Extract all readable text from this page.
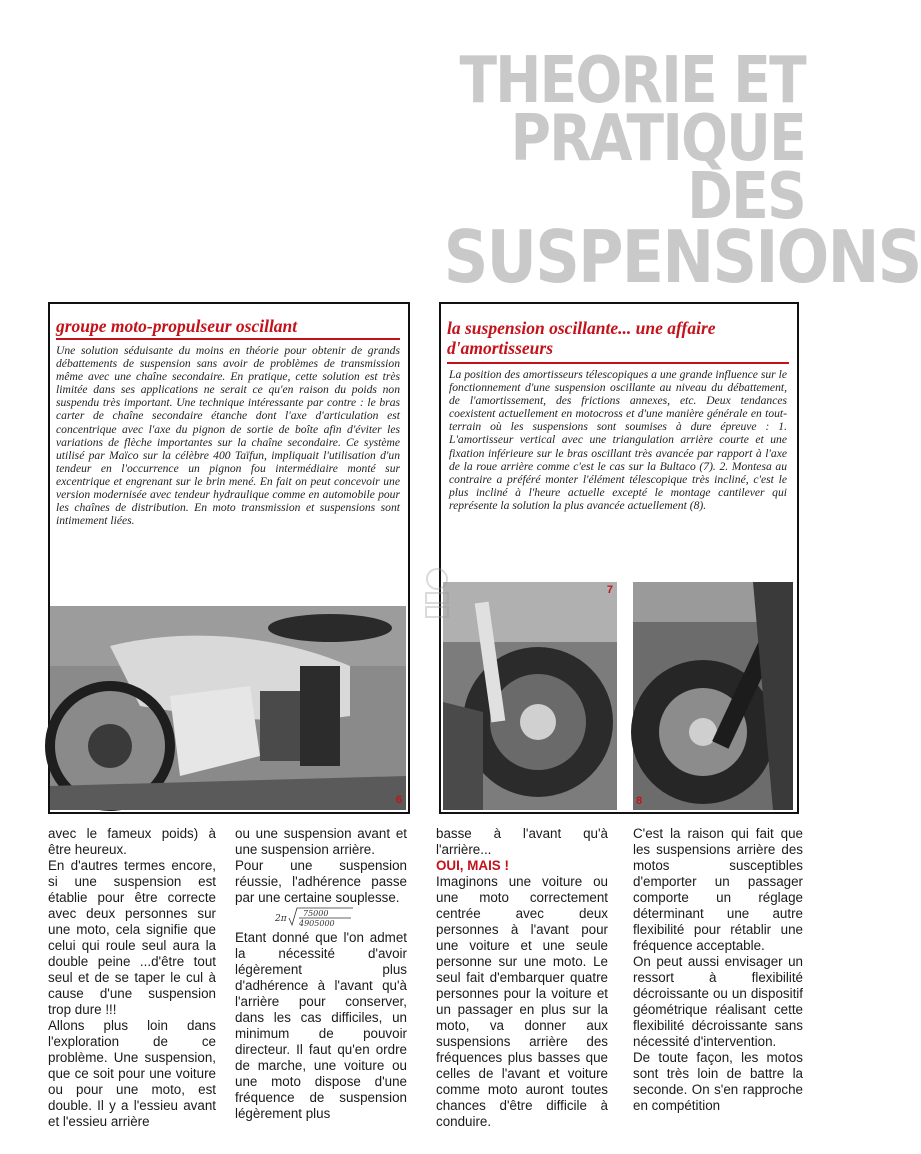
THEORIE ET
PRATIQUE
DES
SUSPENSIONS
groupe moto-propulseur oscillant

Une solution séduisante du moins en théorie pour obtenir de grands débattements de suspension sans avoir de problèmes de transmission même avec une chaîne secondaire. En pratique, cette solution est très limitée dans ses applications ne serait ce qu'en raison du poids non suspendu très important. Une technique intéressante par contre : le bras carter de chaîne secondaire étanche dont l'axe d'articulation est concentrique avec l'axe du pignon de sortie de boîte afin d'éviter les variations de flèche importantes sur la chaîne secondaire. Ce système utilisé par Maïco sur la célèbre 400 Taïfun, impliquait l'utilisation d'un tendeur en l'occurrence un pignon fou intermédiaire monté sur excentrique et engrenant sur le brin mené. En fait on peut concevoir une version modernisée avec tendeur hydraulique comme en automobile pour les chaînes de distribution. En moto transmission et suspensions sont intimement liées.

6
la suspension oscillante... une affaire d'amortisseurs

La position des amortisseurs télescopiques a une grande influence sur le fonctionnement d'une suspension oscillante au niveau du débattement, de l'amortissement, des frictions annexes, etc. Deux tendances coexistent actuellement en motocross et d'une manière générale en tout-terrain où les suspensions sont soumises à dure épreuve : 1. L'amortisseur vertical avec une triangulation arrière courte et une fixation inférieure sur le bras oscillant très avancée par rapport à l'axe de la roue arrière comme c'est le cas sur la Bultaco (7). 2. Montesa au contraire a préféré monter l'élément télescopique très incliné, c'est le plus incliné à l'heure actuelle excepté le montage cantilever qui représente la solution la plus avancée actuellement (8).

7
8

avec le fameux poids) à être heureux.

En d'autres termes encore, si une suspension est établie pour être correcte avec deux personnes sur une moto, cela signifie que celui qui roule seul aura la double peine ...d'être tout seul et de se taper le cul à cause d'une suspension trop dure !!!

Allons plus loin dans l'exploration de ce problème. Une suspension, que ce soit pour une voiture ou pour une moto, est double. Il y a l'essieu avant et l'essieu arrière

ou une suspension avant et une suspension arrière.

Pour une suspension réussie, l'adhérence passe par une certaine souplesse.

2π
75000
4905000

Etant donné que l'on admet la nécessité d'avoir légèrement plus d'adhérence à l'avant qu'à l'arrière pour conserver, dans les cas difficiles, un minimum de pouvoir directeur. Il faut qu'en ordre de marche, une voiture ou une moto dispose d'une fréquence de suspension légèrement plus

basse à l'avant qu'à l'arrière...

OUI, MAIS !

Imaginons une voiture ou une moto correctement centrée avec deux personnes à l'avant pour une voiture et une seule personne sur une moto. Le seul fait d'embarquer quatre personnes pour la voiture et un passager en plus sur la moto, va donner aux suspensions arrière des fréquences plus basses que celles de l'avant et voiture comme moto auront toutes chances d'être difficile à conduire.

C'est la raison qui fait que les suspensions arrière des motos susceptibles d'emporter un passager comporte un réglage déterminant une autre flexibilité pour rétablir une fréquence acceptable.

On peut aussi envisager un ressort à flexibilité décroissante ou un dispositif géométrique réalisant cette flexibilité décroissante sans nécessité d'intervention.

De toute façon, les motos sont très loin de battre la seconde. On s'en rapproche en compétition
